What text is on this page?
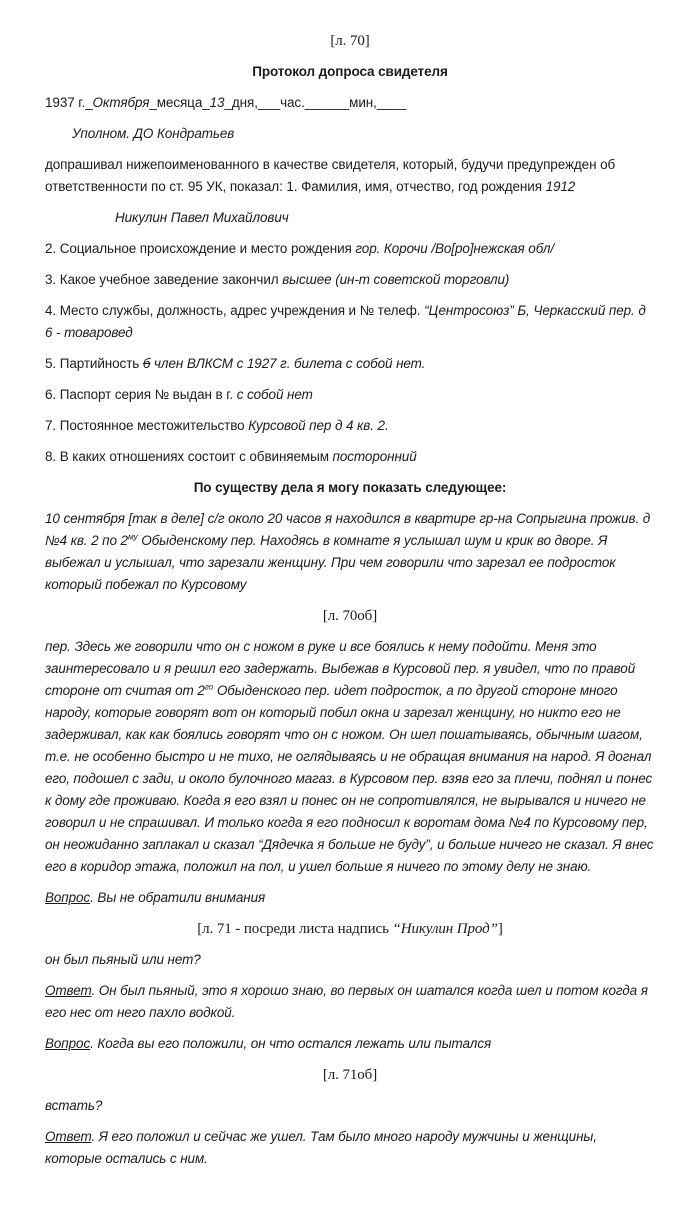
[л. 70]

Протокол допроса свидетеля

1937 г._Октября_месяца_13_дня,___час.______мин,____

Уполном. ДО Кондратьев

допрашивал нижепоименованного в качестве свидетеля, который, будучи предупрежден об ответственности по ст. 95 УК, показал: 1. Фамилия, имя, отчество, год рождения 1912

Никулин Павел Михайлович

2. Социальное происхождение и место рождения гор. Корочи /Во[ро]нежская обл/

3. Какое учебное заведение закончил высшее (ин-т советской торговли)

4. Место службы, должность, адрес учреждения и № телеф. “Центросоюз” Б, Черкасский пер. д 6 - товаровед

5. Партийность б член ВЛКСМ с 1927 г. билета с собой нет.

6. Паспорт серия № выдан в г. с собой нет

7. Постоянное местожительство Курсовой пер д 4 кв. 2.

8. В каких отношениях состоит с обвиняемым посторонний

По существу дела я могу показать следующее:

10 сентября [так в деле] с/г около 20 часов я находился в квартире гр-на Сопрыгина прожив. д №4 кв. 2 по $2^{му}$ Обыденскому пер. Находясь в комнате я услышал шум и крик во дворе. Я выбежал и услышал, что зарезали женщину. При чем говорили что зарезал ее подросток который побежал по Курсовому

[л. 70об]

пер. Здесь же говорили что он с ножом в руке и все боялись к нему подойти. Меня это заинтересовало и я решил его задержать. Выбежав в Курсовой пер. я увидел, что по правой стороне от считая от $2^{го}$ Обыденского пер. идет подросток, а по другой стороне много народу, которые говорят вот он который побил окна и зарезал женщину, но никто его не задерживал, как как боялись говорят что он с ножом. Он шел пошатываясь, обычным шагом, т.е. не особенно быстро и не тихо, не оглядываясь и не обращая внимания на народ. Я догнал его, подошел с зади, и около булочного магаз. в Курсовом пер. взяв его за плечи, поднял и понес к дому где проживаю. Когда я его взял и понес он не сопротивлялся, не вырывался и ничего не говорил и не спрашивал. И только когда я его подносил к воротам дома №4 по Курсовому пер, он неожиданно заплакал и сказал “Дядечка я больше не буду”, и больше ничего не сказал. Я внес его в коридор этажа, положил на пол, и ушел больше я ничего по этому делу не знаю.

Вопрос. Вы не обратили внимания

[л. 71 - посреди листа надпись “Никулин Прод”]

он был пьяный или нет?

Ответ. Он был пьяный, это я хорошо знаю, во первых он шатался когда шел и потом когда я его нес от него пахло водкой.

Вопрос. Когда вы его положили, он что остался лежать или пытался

[л. 71об]

встать?

Ответ. Я его положил и сейчас же ушел. Там было много народу мужчины и женщины, которые остались с ним.
